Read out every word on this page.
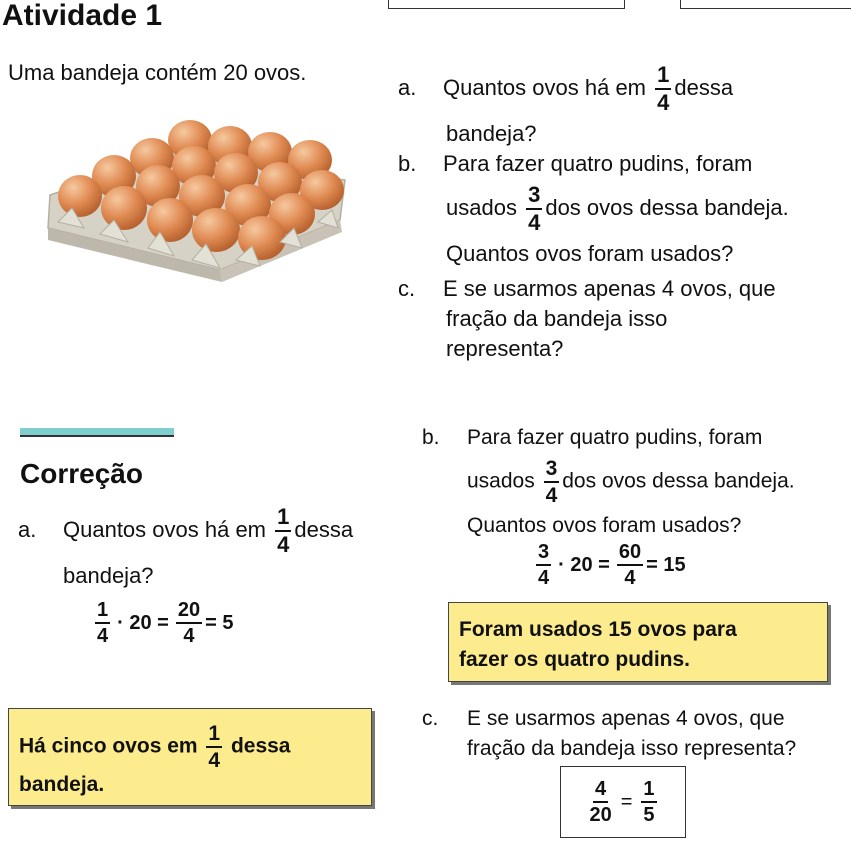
Atividade 1
Uma bandeja contém 20 ovos.
a. Quantos ovos há em $\frac{1}{4}$ dessa
bandeja?
b. Para fazer quatro pudins, foram
usados $\frac{3}{4}$ dos ovos dessa bandeja.
Quantos ovos foram usados?
c. E se usarmos apenas 4 ovos, que
fração da bandeja isso
representa?
Correção
a. Quantos ovos há em $\frac{1}{4}$ dessa
bandeja?
$\frac{1}{4} \cdot 20 = \frac{20}{4} = 5$
Há cinco ovos em $\frac{1}{4}$ dessa
bandeja.
b. Para fazer quatro pudins, foram
usados $\frac{3}{4}$ dos ovos dessa bandeja.
Quantos ovos foram usados?
$\frac{3}{4} \cdot 20 = \frac{60}{4} = 15$
Foram usados 15 ovos para
fazer os quatro pudins.
c. E se usarmos apenas 4 ovos, que
fração da bandeja isso representa?
$\frac{4}{20} = \frac{1}{5}$
